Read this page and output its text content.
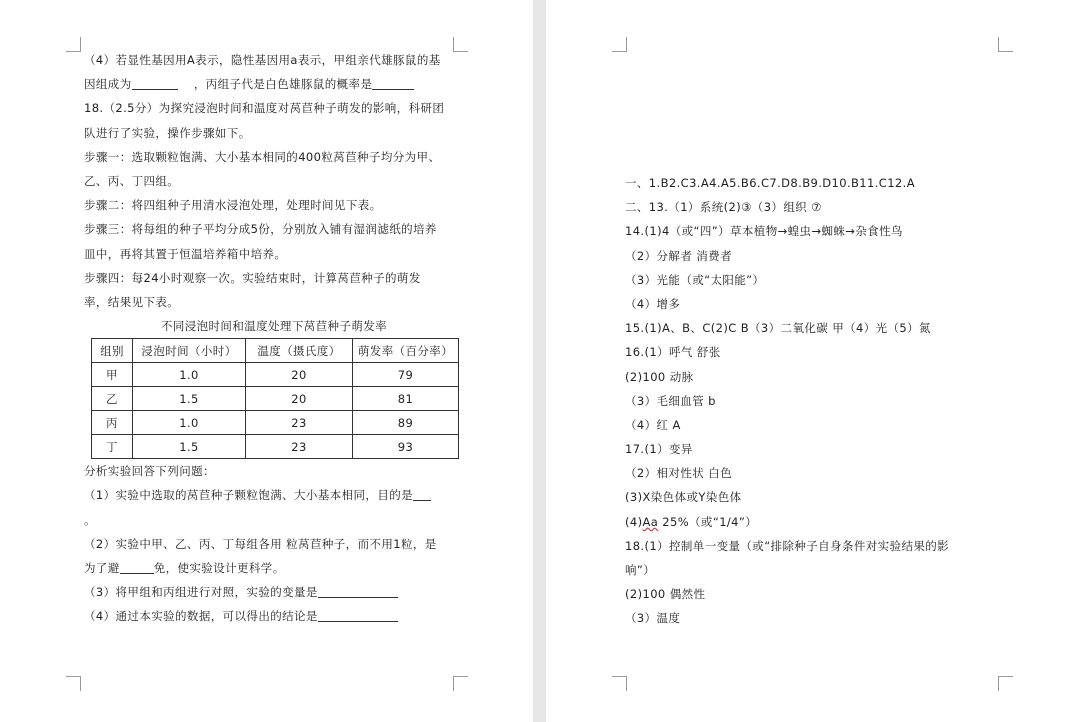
（4）若显性基因用A表示，隐性基因用a表示，甲组亲代雄豚鼠的基
因组成为	，丙组子代是白色雄豚鼠的概率是
18.（2.5分）为探究浸泡时间和温度对莴苣种子萌发的影响，科研团
队进行了实验，操作步骤如下。
步骤一：选取颗粒饱满、大小基本相同的400粒莴苣种子均分为甲、
乙、丙、丁四组。
步骤二：将四组种子用清水浸泡处理，处理时间见下表。
步骤三：将每组的种子平均分成5份，分别放入铺有湿润滤纸的培养
皿中，再将其置于恒温培养箱中培养。
步骤四：每24小时观察一次。实验结束时，计算莴苣种子的萌发
率，结果见下表。
不同浸泡时间和温度处理下莴苣种子萌发率
组别	浸泡时间（小时）	温度（摄氏度）	萌发率（百分率）
甲	1.0	20	79
乙	1.5	20	81
丙	1.0	23	89
丁	1.5	23	93
分析实验回答下列问题：
（1）实验中选取的莴苣种子颗粒饱满、大小基本相同，目的是
。
（2）实验中甲、乙、丙、丁每组各用 粒莴苣种子，而不用1粒，是
为了避	免，使实验设计更科学。
（3）将甲组和丙组进行对照，实验的变量是
（4）通过本实验的数据，可以得出的结论是
一、1.B2.C3.A4.A5.B6.C7.D8.B9.D10.B11.C12.A
二、13.（1）系统(2)③（3）组织 ⑦
14.(1)4（或“四”）草本植物→蝗虫→蜘蛛→杂食性鸟
（2）分解者 消费者
（3）光能（或“太阳能”）
（4）增多
15.(1)A、B、C(2)C B（3）二氧化碳 甲（4）光（5）氮
16.(1）呼气 舒张
(2)100 动脉
（3）毛细血管 b
（4）红 A
17.(1）变异
（2）相对性状 白色
(3)X染色体或Y染色体
(4)Aa 25%（或“1/4”）
18.(1）控制单一变量（或“排除种子自身条件对实验结果的影
响”）
(2)100 偶然性
（3）温度
